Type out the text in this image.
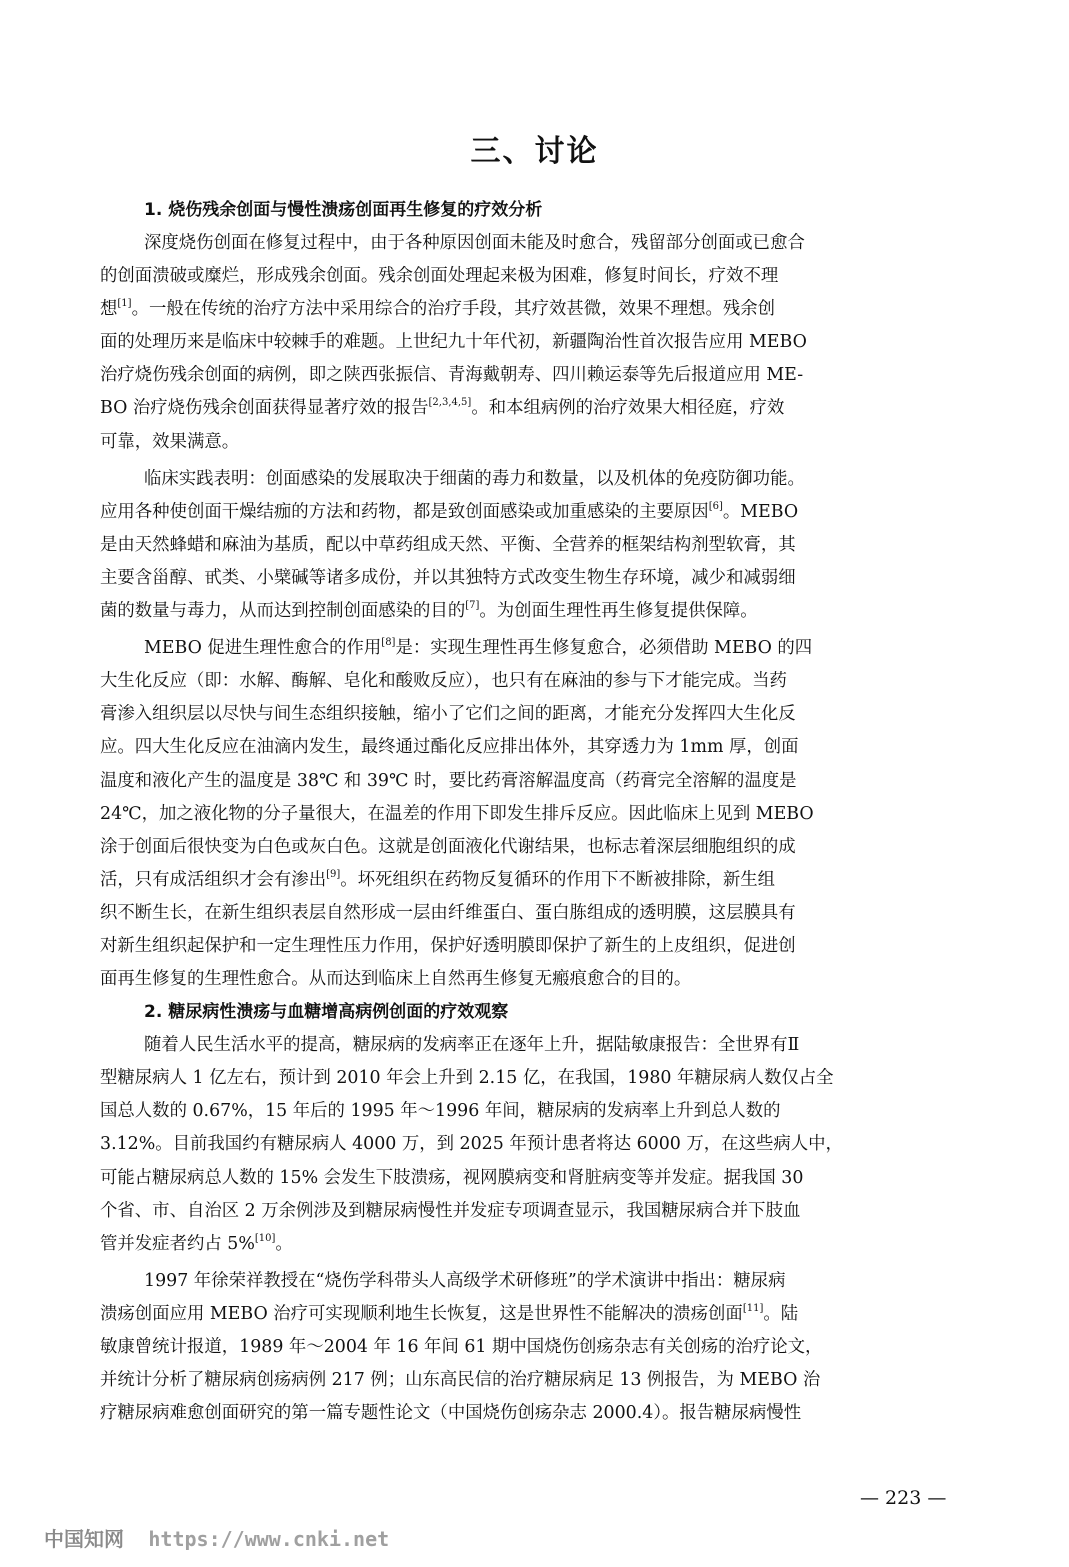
三、讨论
1. 烧伤残余创面与慢性溃疡创面再生修复的疗效分析
深度烧伤创面在修复过程中，由于各种原因创面未能及时愈合，残留部分创面或已愈合
的创面溃破或糜烂，形成残余创面。残余创面处理起来极为困难，修复时间长，疗效不理
想[1]。一般在传统的治疗方法中采用综合的治疗手段，其疗效甚微，效果不理想。残余创
面的处理历来是临床中较棘手的难题。上世纪九十年代初，新疆陶治性首次报告应用 MEBO
治疗烧伤残余创面的病例，即之陕西张振信、青海戴朝寿、四川赖运泰等先后报道应用 ME-
BO 治疗烧伤残余创面获得显著疗效的报告[2,3,4,5]。和本组病例的治疗效果大相径庭，疗效
可靠，效果满意。
临床实践表明：创面感染的发展取决于细菌的毒力和数量，以及机体的免疫防御功能。
应用各种使创面干燥结痂的方法和药物，都是致创面感染或加重感染的主要原因[6]。MEBO
是由天然蜂蜡和麻油为基质，配以中草药组成天然、平衡、全营养的框架结构剂型软膏，其
主要含甾醇、甙类、小檗碱等诸多成份，并以其独特方式改变生物生存环境，减少和减弱细
菌的数量与毒力，从而达到控制创面感染的目的[7]。为创面生理性再生修复提供保障。
MEBO 促进生理性愈合的作用[8]是：实现生理性再生修复愈合，必须借助 MEBO 的四
大生化反应（即：水解、酶解、皂化和酸败反应），也只有在麻油的参与下才能完成。当药
膏渗入组织层以尽快与间生态组织接触，缩小了它们之间的距离，才能充分发挥四大生化反
应。四大生化反应在油滴内发生，最终通过酯化反应排出体外，其穿透力为 1mm 厚，创面
温度和液化产生的温度是 38℃ 和 39℃ 时，要比药膏溶解温度高（药膏完全溶解的温度是
24℃，加之液化物的分子量很大，在温差的作用下即发生排斥反应。因此临床上见到 MEBO
涂于创面后很快变为白色或灰白色。这就是创面液化代谢结果，也标志着深层细胞组织的成
活，只有成活组织才会有渗出[9]。坏死组织在药物反复循环的作用下不断被排除，新生组
织不断生长，在新生组织表层自然形成一层由纤维蛋白、蛋白胨组成的透明膜，这层膜具有
对新生组织起保护和一定生理性压力作用，保护好透明膜即保护了新生的上皮组织，促进创
面再生修复的生理性愈合。从而达到临床上自然再生修复无瘢痕愈合的目的。
2. 糖尿病性溃疡与血糖增高病例创面的疗效观察
随着人民生活水平的提高，糖尿病的发病率正在逐年上升，据陆敏康报告：全世界有Ⅱ
型糖尿病人 1 亿左右，预计到 2010 年会上升到 2.15 亿，在我国，1980 年糖尿病人数仅占全
国总人数的 0.67%，15 年后的 1995 年～1996 年间，糖尿病的发病率上升到总人数的
3.12%。目前我国约有糖尿病人 4000 万，到 2025 年预计患者将达 6000 万，在这些病人中，
可能占糖尿病总人数的 15% 会发生下肢溃疡，视网膜病变和肾脏病变等并发症。据我国 30
个省、市、自治区 2 万余例涉及到糖尿病慢性并发症专项调查显示，我国糖尿病合并下肢血
管并发症者约占 5%[10]。
1997 年徐荣祥教授在“烧伤学科带头人高级学术研修班”的学术演讲中指出：糖尿病
溃疡创面应用 MEBO 治疗可实现顺利地生长恢复，这是世界性不能解决的溃疡创面[11]。陆
敏康曾统计报道，1989 年～2004 年 16 年间 61 期中国烧伤创疡杂志有关创疡的治疗论文，
并统计分析了糖尿病创疡病例 217 例；山东高民信的治疗糖尿病足 13 例报告，为 MEBO 治
疗糖尿病难愈创面研究的第一篇专题性论文（中国烧伤创疡杂志 2000.4）。报告糖尿病慢性
— 223 —
中国知网 https://www.cnki.net
